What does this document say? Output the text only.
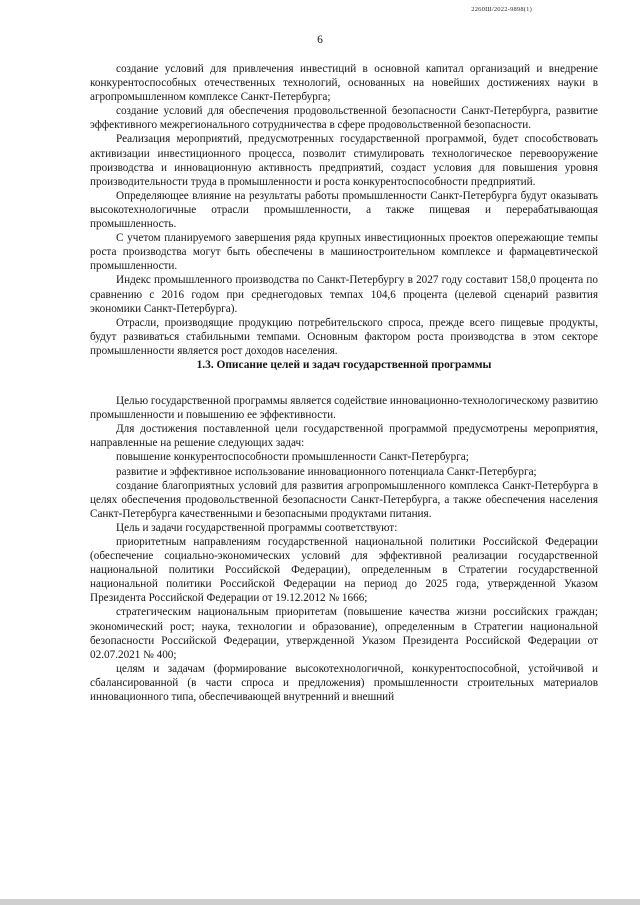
2260Ш/2022-9898(1)
6

создание условий для привлечения инвестиций в основной капитал организаций и внедрение конкурентоспособных отечественных технологий, основанных на новейших достижениях науки в агропромышленном комплексе Санкт-Петербурга;

создание условий для обеспечения продовольственной безопасности Санкт-Петербурга, развитие эффективного межрегионального сотрудничества в сфере продовольственной безопасности.

Реализация мероприятий, предусмотренных государственной программой, будет способствовать активизации инвестиционного процесса, позволит стимулировать технологическое перевооружение производства и инновационную активность предприятий, создаст условия для повышения уровня производительности труда в промышленности и роста конкурентоспособности предприятий.

Определяющее влияние на результаты работы промышленности Санкт-Петербурга будут оказывать высокотехнологичные отрасли промышленности, а также пищевая и перерабатывающая промышленность.

С учетом планируемого завершения ряда крупных инвестиционных проектов опережающие темпы роста производства могут быть обеспечены в машиностроительном комплексе и фармацевтической промышленности.

Индекс промышленного производства по Санкт-Петербургу в 2027 году составит 158,0 процента по сравнению с 2016 годом при среднегодовых темпах 104,6 процента (целевой сценарий развития экономики Санкт-Петербурга).

Отрасли, производящие продукцию потребительского спроса, прежде всего пищевые продукты, будут развиваться стабильными темпами. Основным фактором роста производства в этом секторе промышленности является рост доходов населения.

1.3. Описание целей и задач государственной программы

Целью государственной программы является содействие инновационно-технологическому развитию промышленности и повышению ее эффективности.

Для достижения поставленной цели государственной программой предусмотрены мероприятия, направленные на решение следующих задач:

повышение конкурентоспособности промышленности Санкт-Петербурга;

развитие и эффективное использование инновационного потенциала Санкт-Петербурга;

создание благоприятных условий для развития агропромышленного комплекса Санкт-Петербурга в целях обеспечения продовольственной безопасности Санкт-Петербурга, а также обеспечения населения Санкт-Петербурга качественными и безопасными продуктами питания.

Цель и задачи государственной программы соответствуют:

приоритетным направлениям государственной национальной политики Российской Федерации (обеспечение социально-экономических условий для эффективной реализации государственной национальной политики Российской Федерации), определенным в Стратегии государственной национальной политики Российской Федерации на период до 2025 года, утвержденной Указом Президента Российской Федерации от 19.12.2012 № 1666;

стратегическим национальным приоритетам (повышение качества жизни российских граждан; экономический рост; наука, технологии и образование), определенным в Стратегии национальной безопасности Российской Федерации, утвержденной Указом Президента Российской Федерации от 02.07.2021 № 400;

целям и задачам (формирование высокотехнологичной, конкурентоспособной, устойчивой и сбалансированной (в части спроса и предложения) промышленности строительных материалов инновационного типа, обеспечивающей внутренний и внешний
